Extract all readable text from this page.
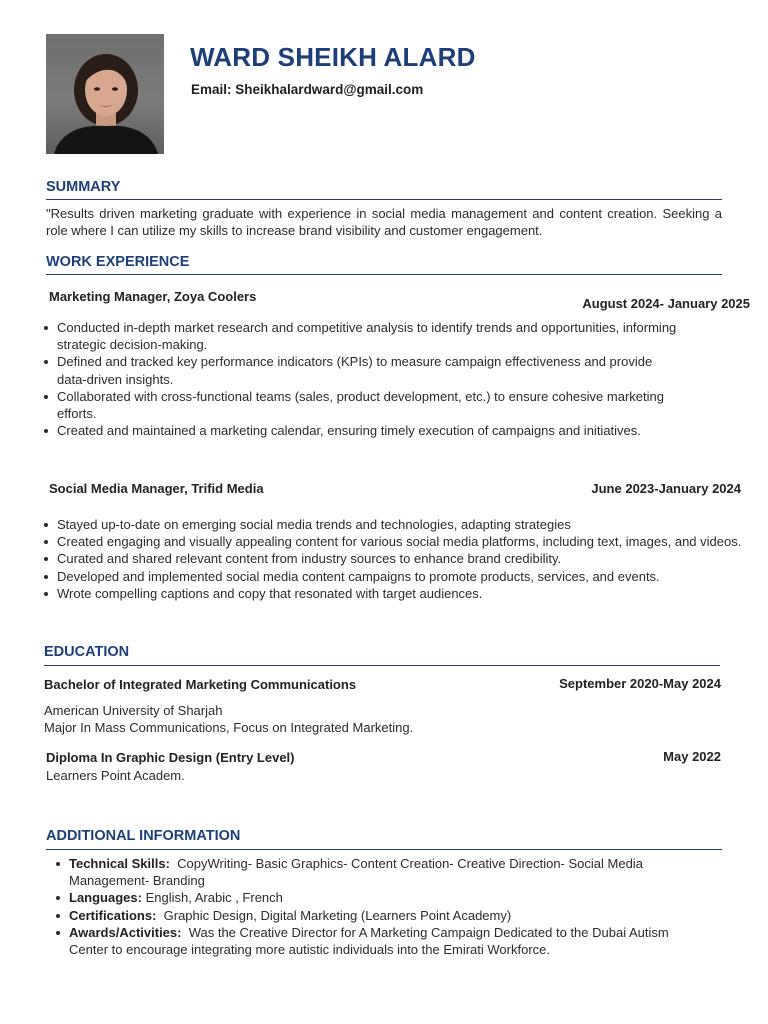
WARD SHEIKH ALARD
Email: Sheikhalardward@gmail.com
SUMMARY
"Results driven marketing graduate with experience in social media management and content creation. Seeking a role where I can utilize my skills to increase brand visibility and customer engagement.
WORK EXPERIENCE
Marketing Manager, Zoya Coolers	August 2024- January 2025
Conducted in-depth market research and competitive analysis to identify trends and opportunities, informing strategic decision-making.
Defined and tracked key performance indicators (KPIs) to measure campaign effectiveness and provide data-driven insights.
Collaborated with cross-functional teams (sales, product development, etc.) to ensure cohesive marketing efforts.
Created and maintained a marketing calendar, ensuring timely execution of campaigns and initiatives.
Social Media Manager, Trifid Media	June 2023-January 2024
Stayed up-to-date on emerging social media trends and technologies, adapting strategies
Created engaging and visually appealing content for various social media platforms, including text, images, and videos.
Curated and shared relevant content from industry sources to enhance brand credibility.
Developed and implemented social media content campaigns to promote products, services, and events.
Wrote compelling captions and copy that resonated with target audiences.
EDUCATION
Bachelor of Integrated Marketing Communications	September 2020-May 2024
American University of Sharjah
Major In Mass Communications, Focus on Integrated Marketing.
Diploma In Graphic Design (Entry Level)	May 2022
Learners Point Academ.
ADDITIONAL INFORMATION
Technical Skills: CopyWriting- Basic Graphics- Content Creation- Creative Direction- Social Media Management- Branding
Languages: English, Arabic , French
Certifications: Graphic Design, Digital Marketing (Learners Point Academy)
Awards/Activities: Was the Creative Director for A Marketing Campaign Dedicated to the Dubai Autism Center to encourage integrating more autistic individuals into the Emirati Workforce.
